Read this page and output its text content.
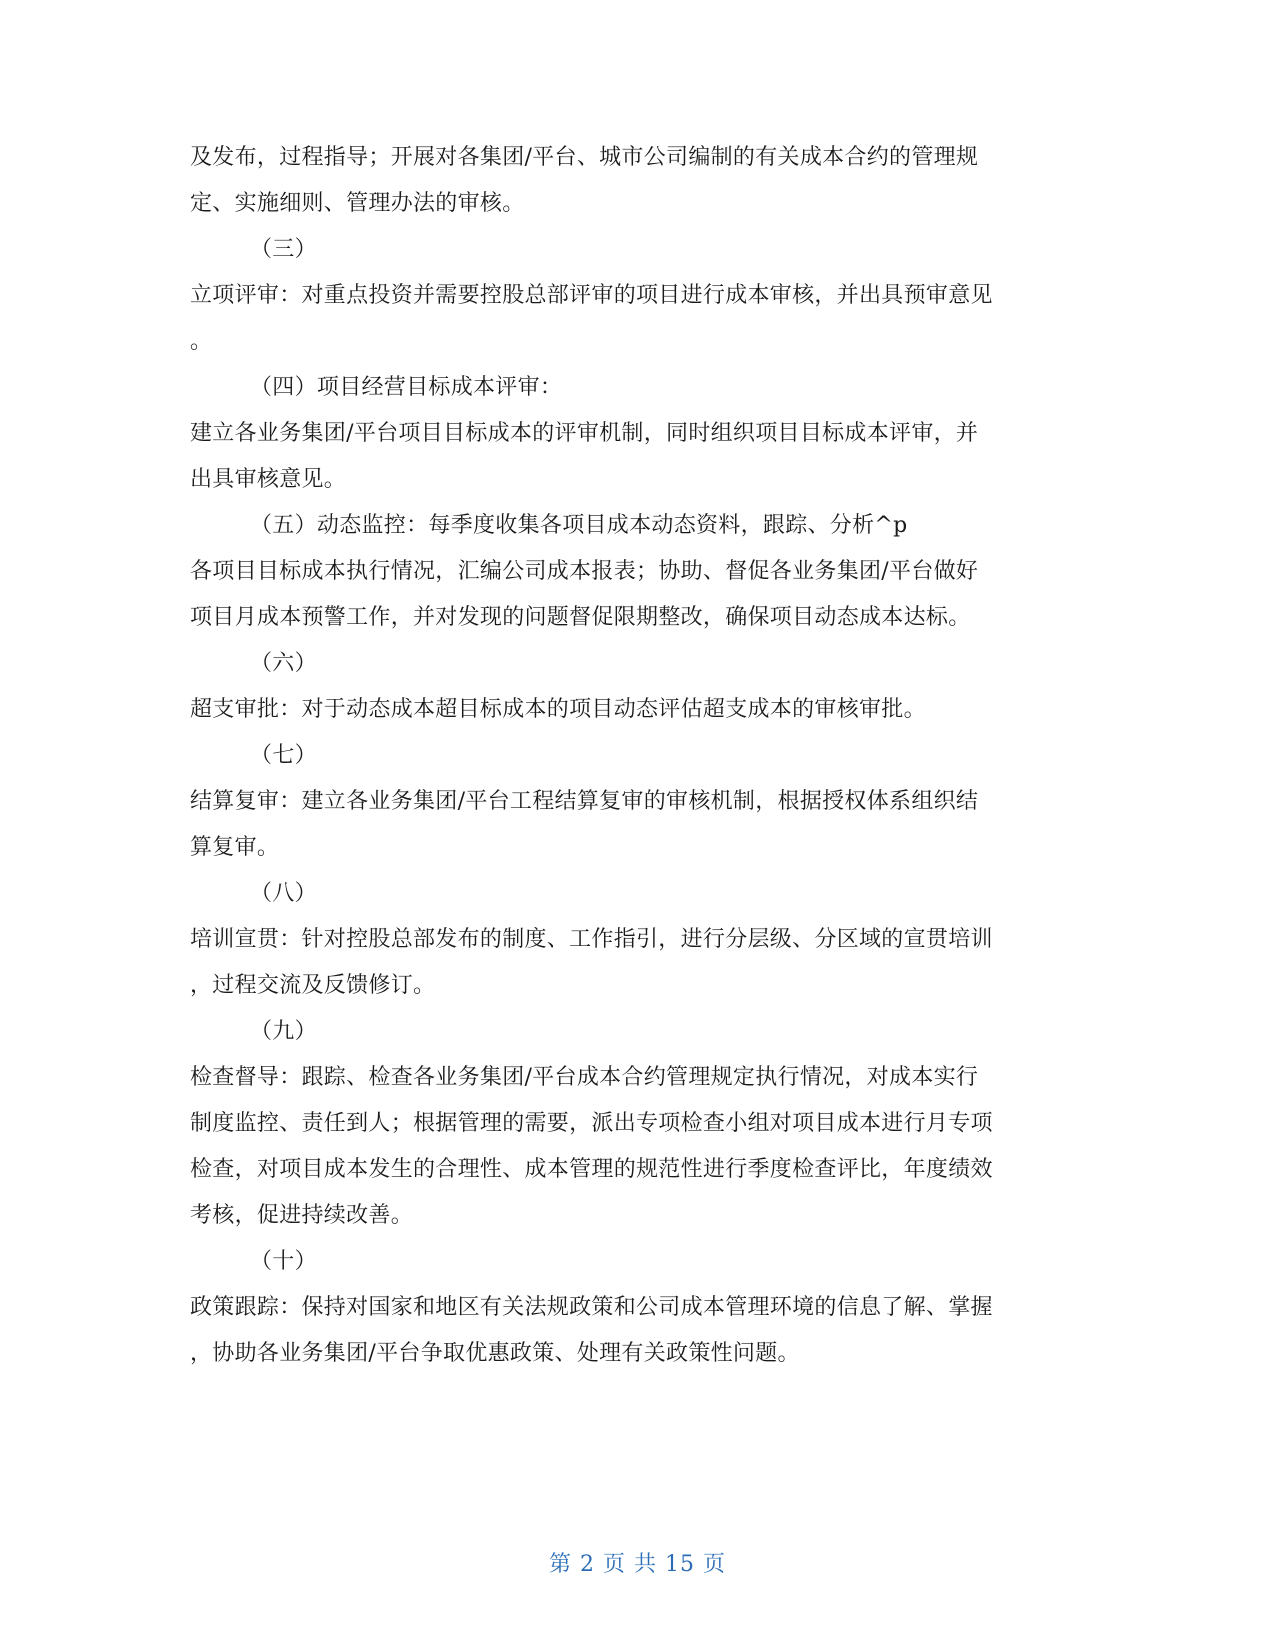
及发布，过程指导；开展对各集团/平台、城市公司编制的有关成本合约的管理规
定、实施细则、管理办法的审核。
（三）
立项评审：对重点投资并需要控股总部评审的项目进行成本审核，并出具预审意见
。
（四）项目经营目标成本评审：
建立各业务集团/平台项目目标成本的评审机制，同时组织项目目标成本评审，并
出具审核意见。
（五）动态监控：每季度收集各项目成本动态资料，跟踪、分析^p
各项目目标成本执行情况，汇编公司成本报表；协助、督促各业务集团/平台做好
项目月成本预警工作，并对发现的问题督促限期整改，确保项目动态成本达标。
（六）
超支审批：对于动态成本超目标成本的项目动态评估超支成本的审核审批。
（七）
结算复审：建立各业务集团/平台工程结算复审的审核机制，根据授权体系组织结
算复审。
（八）
培训宣贯：针对控股总部发布的制度、工作指引，进行分层级、分区域的宣贯培训
，过程交流及反馈修订。
（九）
检查督导：跟踪、检查各业务集团/平台成本合约管理规定执行情况，对成本实行
制度监控、责任到人；根据管理的需要，派出专项检查小组对项目成本进行月专项
检查，对项目成本发生的合理性、成本管理的规范性进行季度检查评比，年度绩效
考核，促进持续改善。
（十）
政策跟踪：保持对国家和地区有关法规政策和公司成本管理环境的信息了解、掌握
，协助各业务集团/平台争取优惠政策、处理有关政策性问题。
第 2 页 共 15 页
